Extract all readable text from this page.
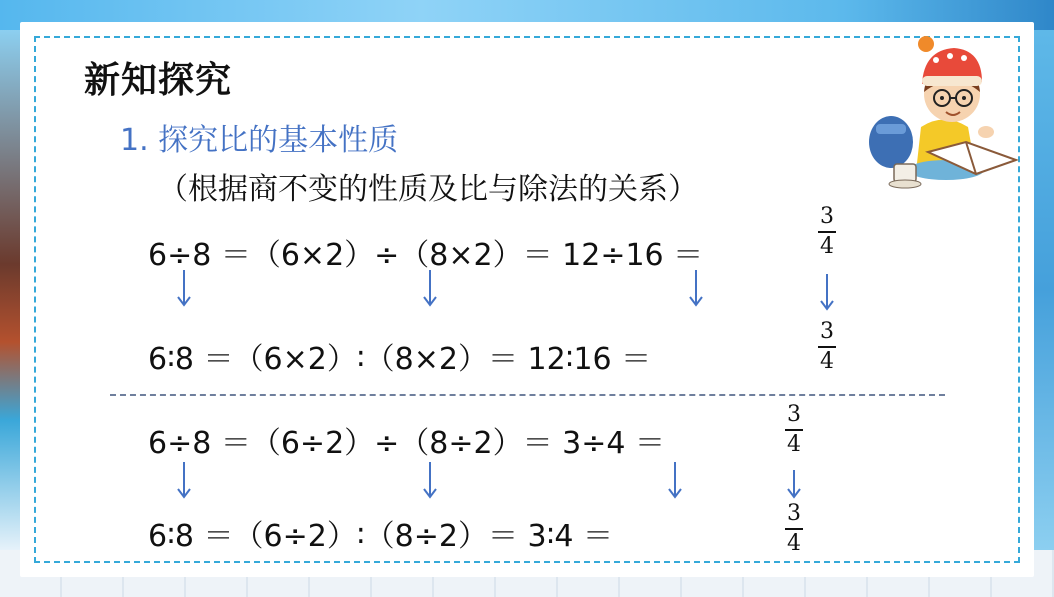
新知探究
1. 探究比的基本性质
（根据商不变的性质及比与除法的关系）
6÷8 ＝（6×2）÷（8×2）＝ 12÷16 ＝
3
4
6∶8 ＝（6×2）∶（8×2）＝ 12∶16 ＝
3
4
6÷8 ＝（6÷2）÷（8÷2）＝ 3÷4 ＝
3
4
6∶8 ＝（6÷2）∶（8÷2）＝ 3∶4 ＝
3
4
